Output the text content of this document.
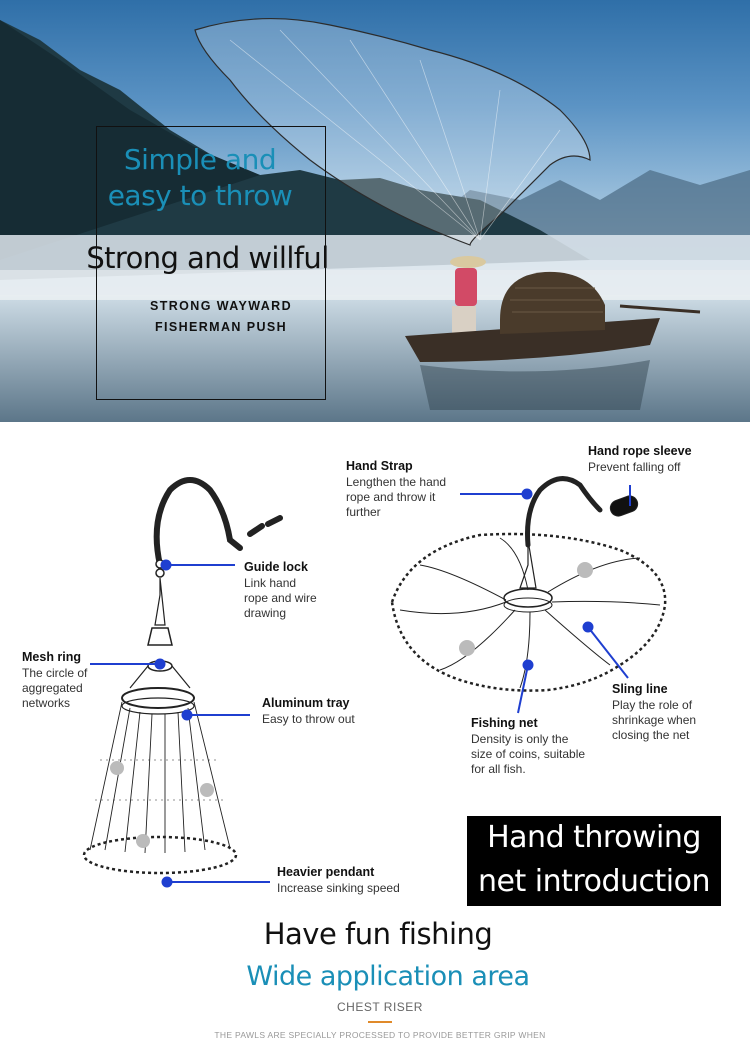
Simple and
easy to throw
Strong and willful
STRONG WAYWARD
FISHERMAN PUSH
Guide lock
Link hand
rope and wire
drawing
Mesh ring
The circle of
aggregated
networks	Aluminum tray
Easy to throw out
Heavier pendant
Increase sinking speed
Hand Strap
Lengthen the hand
rope and throw it
further
Hand rope sleeve
Prevent falling off
Sling line
Play the role of
shrinkage when
closing the net
Fishing net
Density is only the
size of coins, suitable
for all fish.
Hand throwing
net introduction
Have fun fishing
Wide application area
CHEST RISER
THE PAWLS ARE SPECIALLY PROCESSED TO PROVIDE BETTER GRIP WHEN
